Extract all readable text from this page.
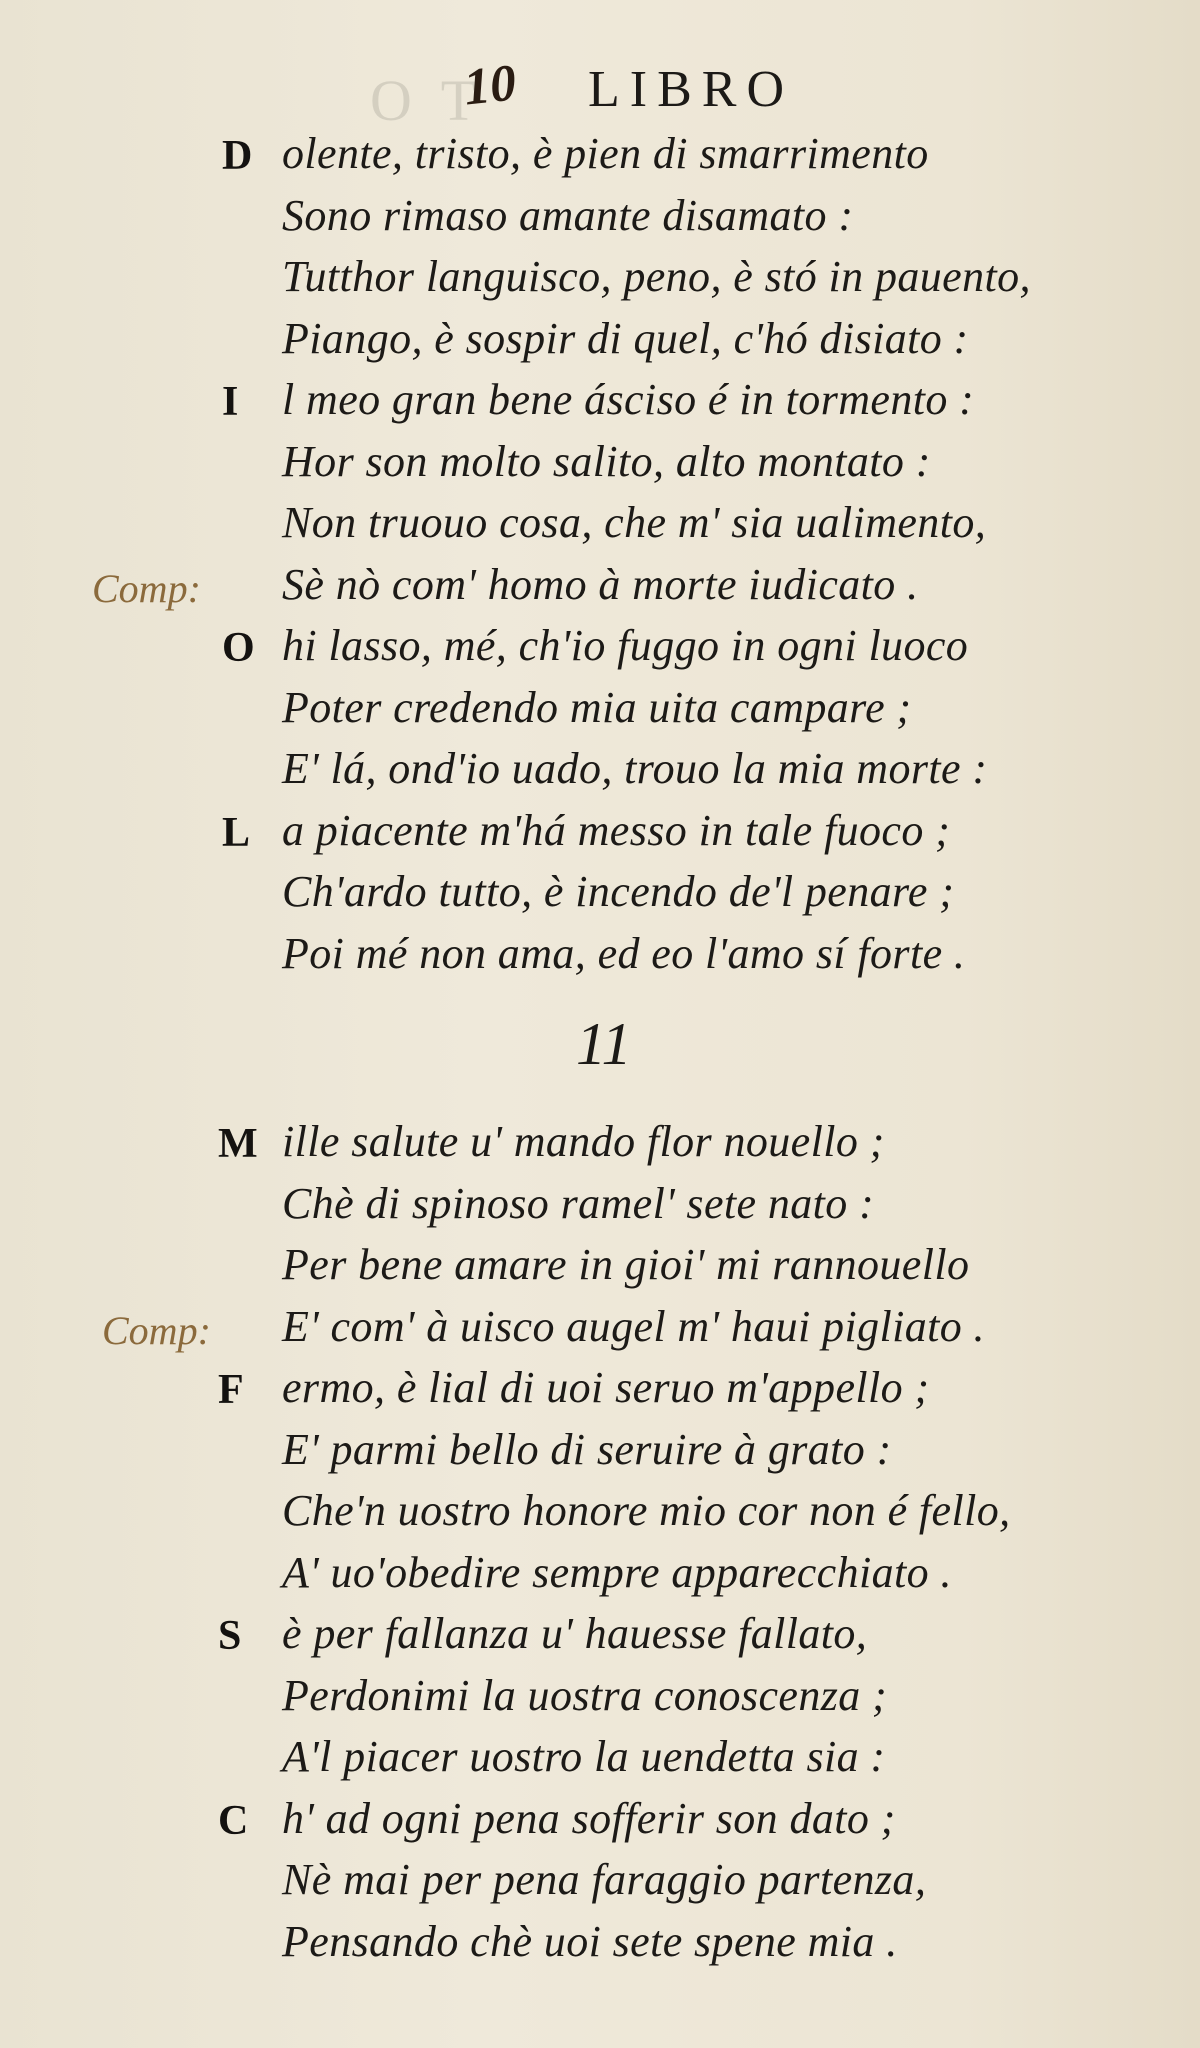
TO
10 LIBRO
D olente, tristo, è pien di smarrimento
Sono rimaso amante disamato :
Tutthor languisco, peno, è stó in pauento,
Piango, è sospir di quel, c'hó disiato :
I l meo gran bene ásciso é in tormento :
Hor son molto salito, alto montato :
Non truouo cosa, che m' sia ualimento,
Comp: Sè nò com' homo à morte iudicato .
O hi lasso, mé, ch'io fuggo in ogni luoco
Poter credendo mia uita campare ;
E' lá, ond'io uado, trouo la mia morte :
L a piacente m'há messo in tale fuoco ;
Ch'ardo tutto, è incendo de'l penare ;
Poi mé non ama, ed eo l'amo sí forte .
11
M ille salute u' mando flor nouello ;
Chè di spinoso ramel' sete nato :
Per bene amare in gioi' mi rannouello
Comp: E' com' à uisco augel m' haui pigliato .
F ermo, è lial di uoi seruo m'appello ;
E' parmi bello di seruire à grato :
Che'n uostro honore mio cor non é fello,
A' uo'obedire sempre apparecchiato .
S è per fallanza u' hauesse fallato,
Perdonimi la uostra conoscenza ;
A'l piacer uostro la uendetta sia :
C h' ad ogni pena sofferir son dato ;
Nè mai per pena faraggio partenza,
Pensando chè uoi sete spene mia .
